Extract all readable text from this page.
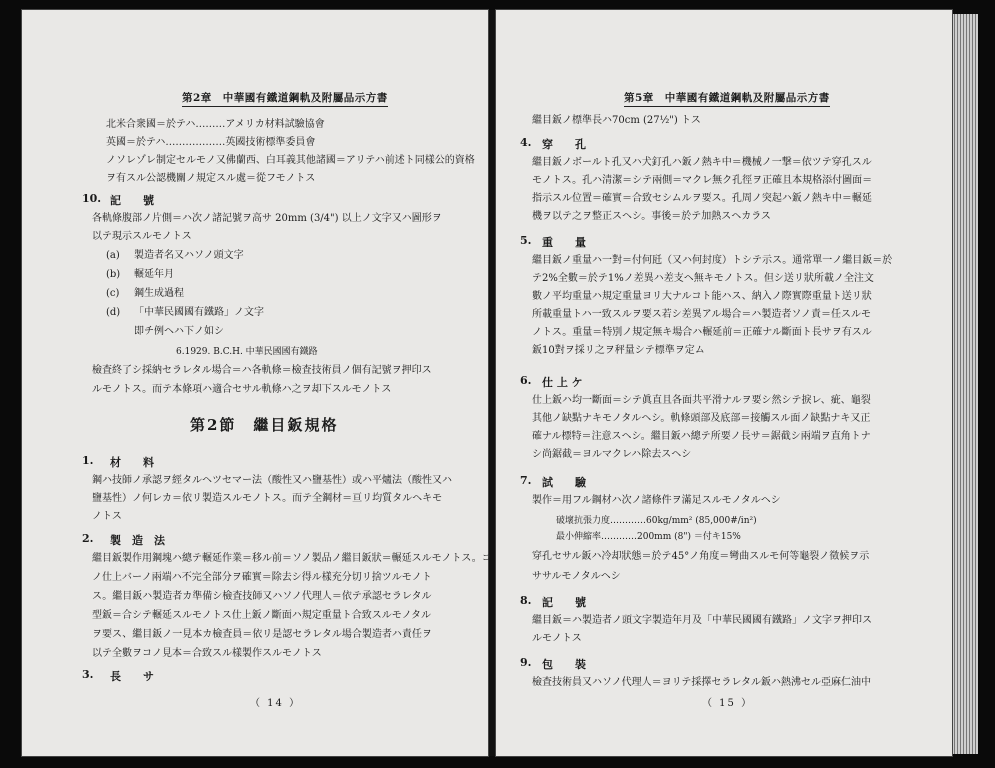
第2章　中華國有鐵道鋼軌及附屬品示方書
北米合衆國＝於テハ………アメリカ材料試驗協會
英國＝於テハ………………英國技術標準委員會
ノソレゾレ制定セルモノ又佛蘭西、白耳義其他諸國＝アリテハ前述ト同樣公的資格
ヲ有スル公認機關ノ規定スル處＝從フモノトス
10. 記　　號
各軌條腹部ノ片側＝ハ次ノ諸記號ヲ高サ 20mm (3/4") 以上ノ文字又ハ圖形ヲ
以テ現示スルモノトス
(a) 製造者名又ハソノ頭文字
(b) 輾延年月
(c) 鋼生成過程
(d) 「中華民國國有鐵路」ノ文字
即チ例ヘハ下ノ如シ
6.1929. B.C.H. 中華民國國有鐵路
檢査終了シ採納セラレタル場合＝ハ各軌條＝檢査技術員ノ個有記號ヲ押印ス
ルモノトス。而テ本條項ハ適合セサル軌條ハ之ヲ却下スルモノトス
第2節　繼目鈑規格
1. 材　　料
鋼ハ技師ノ承認ヲ經タルヘツセマー法（酸性又ハ鹽基性）或ハ平爐法（酸性又ハ
鹽基性）ノ何レカ＝依リ製造スルモノトス。而テ全鋼材＝亘リ均質タルヘキモ
ノトス
2. 製　造　法
繼目鈑製作用鋼塊ハ總テ輾延作業＝移ル前＝ソノ製品ノ繼目鈑狀＝輾延スルモノトス。コ
ノ仕上バーノ兩端ハ不完全部分ヲ確實＝除去シ得ル樣充分切リ捨ツルモノト
ス。繼目鈑ハ製造者カ準備シ檢査技師又ハソノ代理人＝依テ承認セラレタル
型鈑＝合シテ輾延スルモノトス仕上鈑ノ斷面ハ規定重量ト合致スルモノタル
ヲ要ス、繼目鈑ノ一見本カ檢査員＝依リ是認セラレタル場合製造者ハ責任ヲ
以テ全數ヲコノ見本＝合致スル樣製作スルモノトス
3. 長　　サ
（ 14 ）
第5章　中華國有鐵道鋼軌及附屬品示方書
繼目鈑ノ標準長ハ70cm (27½") トス
4. 穿　　孔
繼目鈑ノボールト孔又ハ犬釘孔ハ鈑ノ熱キ中＝機械ノ一撃＝依ツテ穿孔スル
モノトス。孔ハ清潔＝シテ兩側＝マクレ無ク孔徑ヲ正確且本規格添付圖面＝
指示スル位置＝確實＝合致セシムルヲ要ス。孔周ノ突起ハ鈑ノ熱キ中＝輾延
機ヲ以テ之ヲ整正スヘシ。事後＝於テ加熱スヘカラス
5. 重　　量
繼目鈑ノ重量ハ一對＝付何瓩（又ハ何封度）トシテ示ス。通常單一ノ繼目鈑＝於
テ2%全數＝於テ1%ノ差異ハ差支ヘ無キモノトス。但シ送リ狀所載ノ全注文
數ノ平均重量ハ規定重量ヨリ大ナルコト能ハス、納入ノ際實際重量ト送リ狀
所載重量トハ一致スルヲ要ス若シ差異アル場合＝ハ製造者ソノ責＝任スルモ
ノトス。重量＝特別ノ規定無キ場合ハ輾延前＝正確ナル斷面ト長サヲ有スル
鈑10對ヲ採リ之ヲ秤量シテ標準ヲ定ム
6. 仕 上 ケ
仕上鈑ハ均一斷面＝シテ眞直且各面共平滑ナルヲ要シ然シテ捩レ、疵、龜裂
其他ノ缺點ナキモノタルヘシ。軌條頭部及底部＝接觸スル面ノ缺點ナキ又正
確ナル標特＝注意スヘシ。繼目鈑ハ總テ所要ノ長サ＝鋸截シ兩端ヲ直角トナ
シ尚鋸截＝ヨルマクレハ除去スヘシ
7. 試　　驗
製作＝用フル鋼材ハ次ノ諸條件ヲ滿足スルモノタルヘシ
破壞抗張力度…………60kg/mm² (85,000#/in²)
最小伸縮率…………200mm (8") ＝付キ15%
穿孔セサル鈑ハ冷却狀態＝於テ45°ノ角度＝彎曲スルモ何等龜裂ノ徵候ヲ示
ササルモノタルヘシ
8. 記　　號
繼目鈑＝ハ製造者ノ頭文字製造年月及「中華民國國有鐵路」ノ文字ヲ押印ス
ルモノトス
9. 包　　裝
檢査技術員又ハソノ代理人＝ヨリテ採擇セラレタル鈑ハ熱沸セル亞麻仁油中
（ 15 ）
